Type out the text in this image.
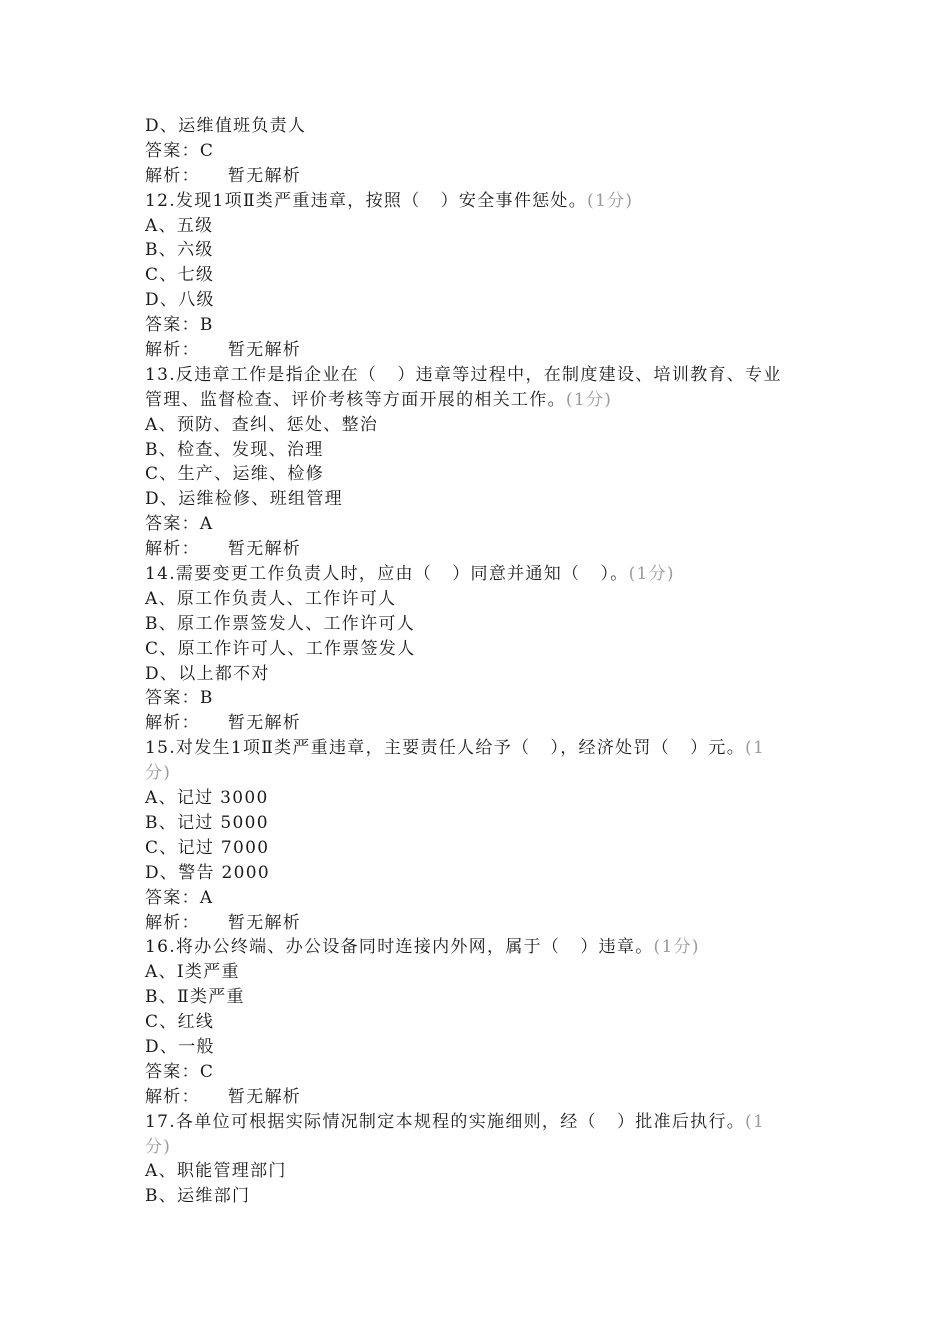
D、运维值班负责人
答案：C
解析： 暂无解析
12.发现1项Ⅱ类严重违章，按照（   ）安全事件惩处。(1分)
A、五级
B、六级
C、七级
D、八级
答案：B
解析： 暂无解析
13.反违章工作是指企业在（   ）违章等过程中，在制度建设、培训教育、专业
管理、监督检查、评价考核等方面开展的相关工作。(1分)
A、预防、查纠、惩处、整治
B、检查、发现、治理
C、生产、运维、检修
D、运维检修、班组管理
答案：A
解析： 暂无解析
14.需要变更工作负责人时，应由（   ）同意并通知（   ）。(1分)
A、原工作负责人、工作许可人
B、原工作票签发人、工作许可人
C、原工作许可人、工作票签发人
D、以上都不对
答案：B
解析： 暂无解析
15.对发生1项Ⅱ类严重违章，主要责任人给予（   ），经济处罚（   ）元。(1
分)
A、记过 3000
B、记过 5000
C、记过 7000
D、警告 2000
答案：A
解析： 暂无解析
16.将办公终端、办公设备同时连接内外网，属于（   ）违章。(1分)
A、Ⅰ类严重
B、Ⅱ类严重
C、红线
D、一般
答案：C
解析： 暂无解析
17.各单位可根据实际情况制定本规程的实施细则，经（   ）批准后执行。(1
分)
A、职能管理部门
B、运维部门
